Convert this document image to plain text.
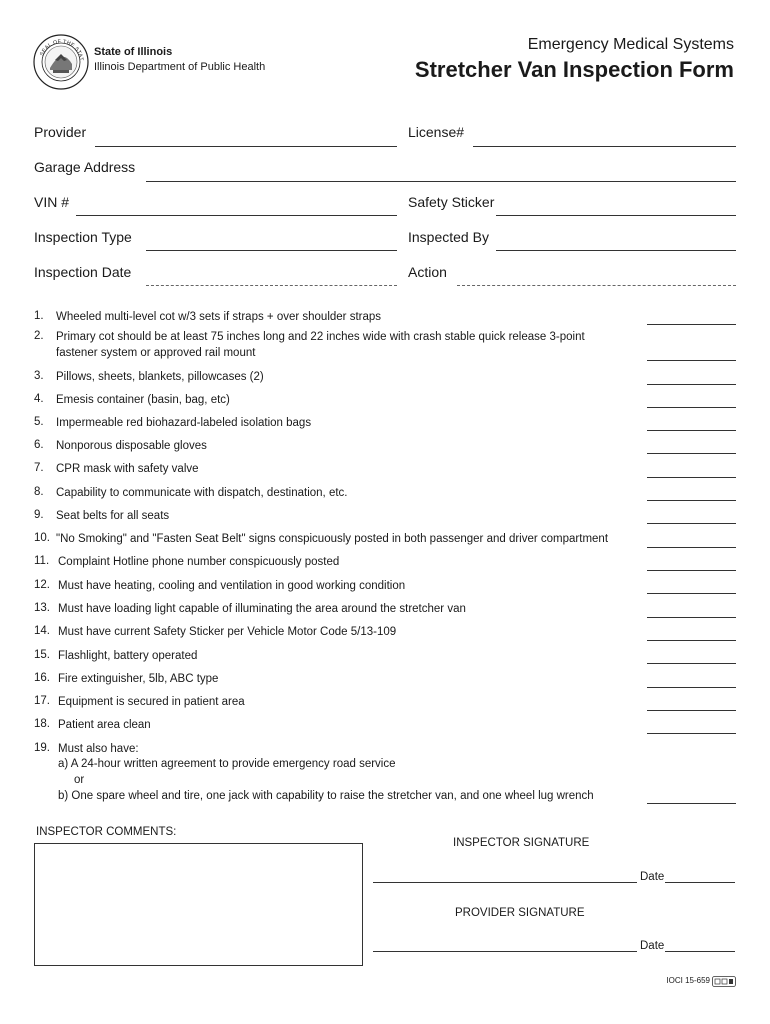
SEAL OF THE STAT
State of Illinois
Illinois Department of Public Health
Emergency Medical Systems
Stretcher Van Inspection Form
Provider	License#
Garage Address
VIN #	Safety Sticker
Inspection Type	Inspected By
Inspection Date	Action
1.	Wheeled multi-level cot w/3 sets if straps + over shoulder straps
2.	Primary cot should be at least 75 inches long and 22 inches wide with crash stable quick release 3-point
fastener system or approved rail mount
3.	Pillows, sheets, blankets, pillowcases (2)
4.	Emesis container (basin, bag, etc)
5.	Impermeable red biohazard-labeled isolation bags
6.	Nonporous disposable gloves
7.	CPR mask with safety valve
8.	Capability to communicate with dispatch, destination, etc.
9.	Seat belts for all seats
10. "No Smoking" and "Fasten Seat Belt" signs conspicuously posted in both passenger and driver compartment
11. Complaint Hotline phone number conspicuously posted
12. Must have heating, cooling and ventilation in good working condition
13. Must have loading light capable of illuminating the area around the stretcher van
14. Must have current Safety Sticker per Vehicle Motor Code 5/13-109
15. Flashlight, battery operated
16. Fire extinguisher, 5lb, ABC type
17. Equipment is secured in patient area
18. Patient area clean
19. Must also have:
a) A 24-hour written agreement to provide emergency road service
or
b) One spare wheel and tire, one jack with capability to raise the stretcher van, and one wheel lug wrench
INSPECTOR COMMENTS:
INSPECTOR SIGNATURE
Date
PROVIDER SIGNATURE
Date
IOCI 15-659
